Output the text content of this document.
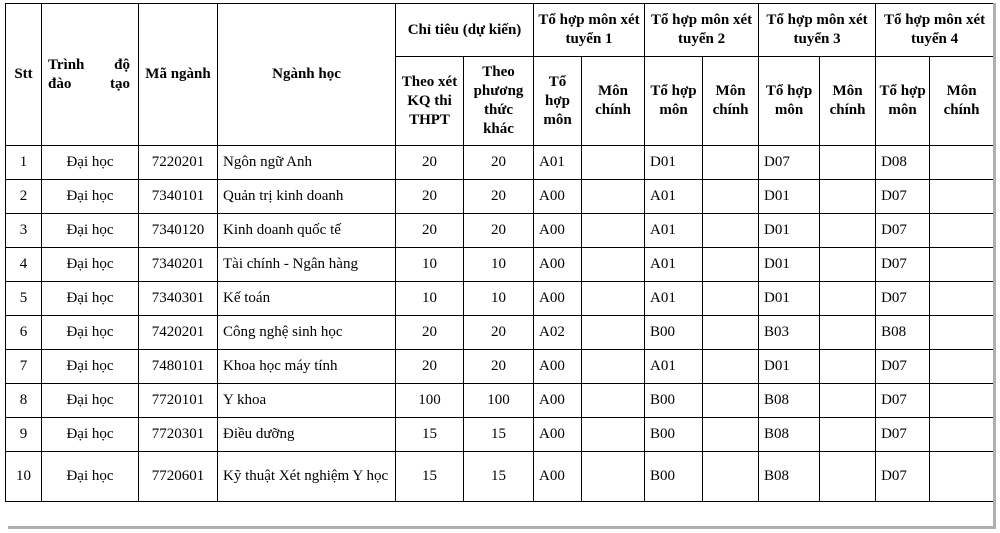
Stt	Trình độ đào tạo	Mã ngành	Ngành học	Chỉ tiêu (dự kiến)		Tổ hợp môn xét tuyển 1		Tổ hợp môn xét tuyển 2		Tổ hợp môn xét tuyển 3		Tổ hợp môn xét tuyển 4	
				Theo xét KQ thi THPT	Theo phương thức khác	Tổ hợp môn	Môn chính	Tổ hợp môn	Môn chính	Tổ hợp môn	Môn chính	Tổ hợp môn	Môn chính
1	Đại học	7220201	Ngôn ngữ Anh	20	20	A01		D01		D07		D08	
2	Đại học	7340101	Quản trị kinh doanh	20	20	A00		A01		D01		D07	
3	Đại học	7340120	Kinh doanh quốc tế	20	20	A00		A01		D01		D07	
4	Đại học	7340201	Tài chính - Ngân hàng	10	10	A00		A01		D01		D07	
5	Đại học	7340301	Kế toán	10	10	A00		A01		D01		D07	
6	Đại học	7420201	Công nghệ sinh học	20	20	A02		B00		B03		B08	
7	Đại học	7480101	Khoa học máy tính	20	20	A00		A01		D01		D07	
8	Đại học	7720101	Y khoa	100	100	A00		B00		B08		D07	
9	Đại học	7720301	Điều dưỡng	15	15	A00		B00		B08		D07	
10	Đại học	7720601	Kỹ thuật Xét nghiệm Y học	15	15	A00		B00		B08		D07	
